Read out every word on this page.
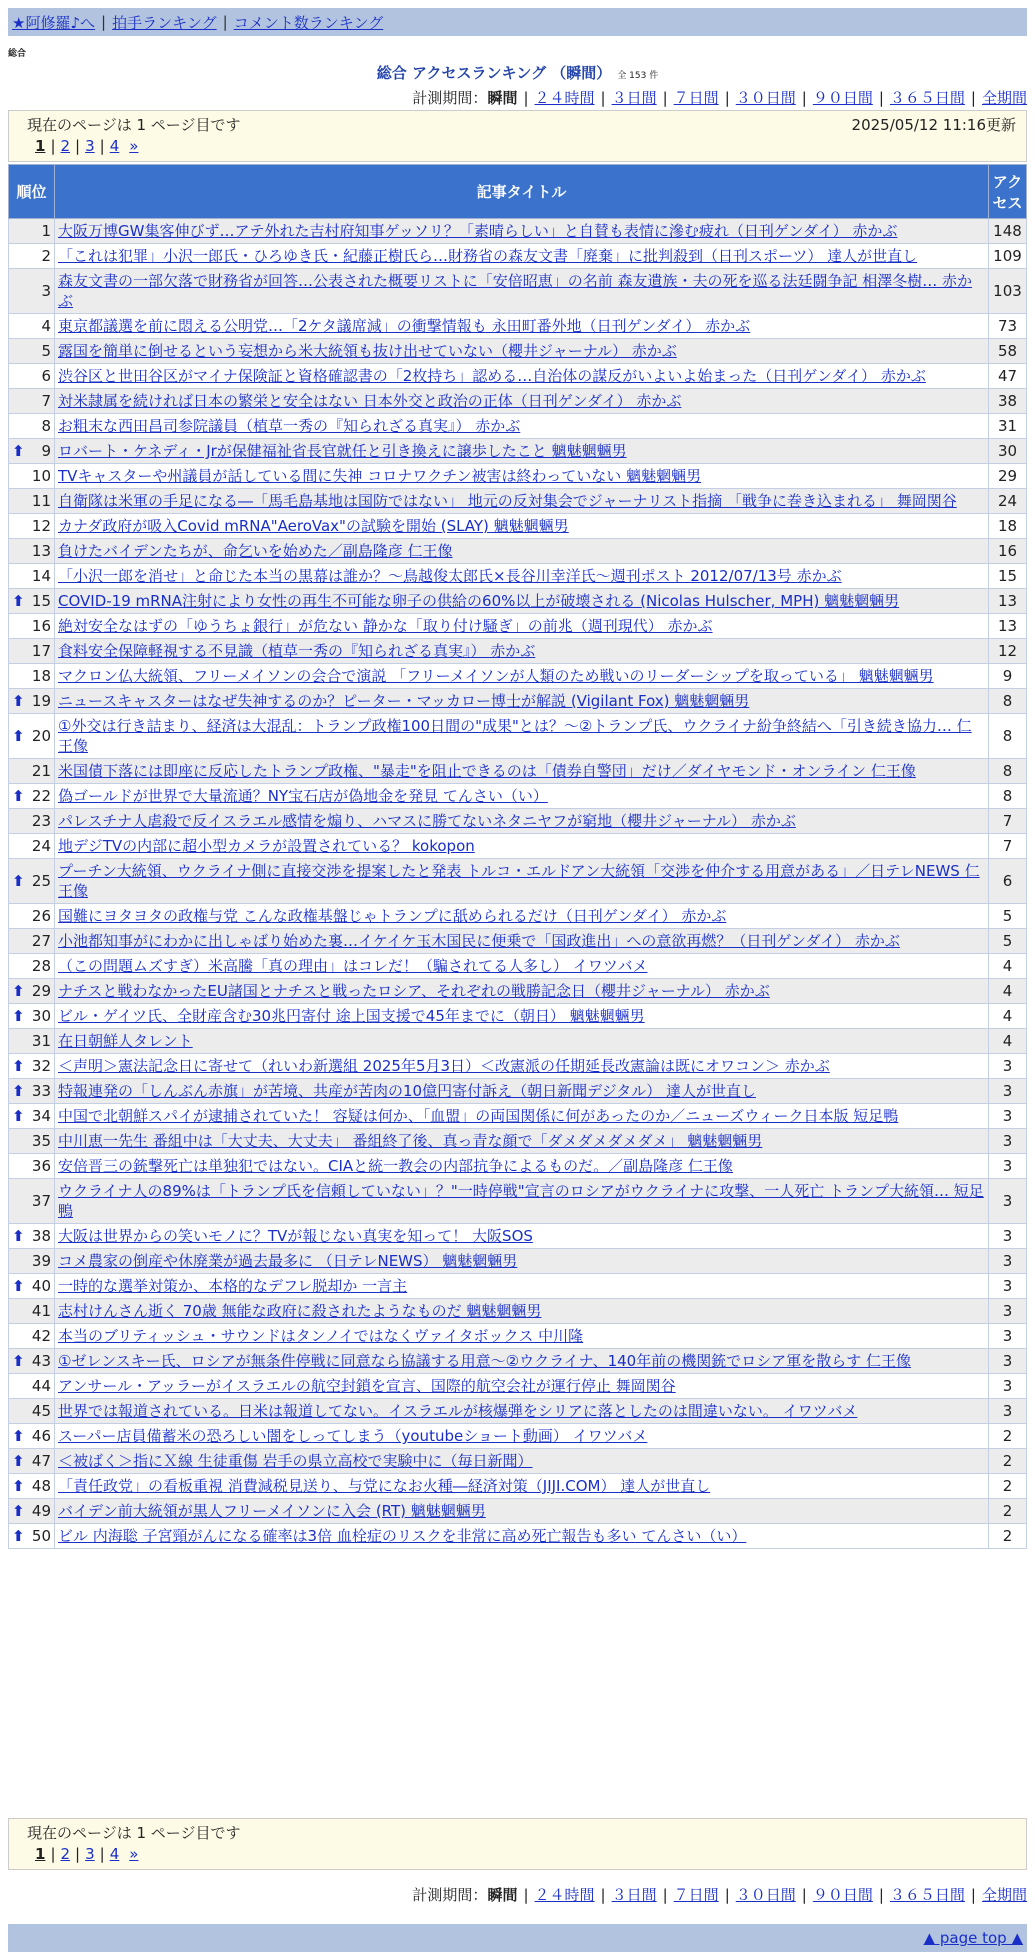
★阿修羅♪へ | 拍手ランキング | コメント数ランキング
総合
総合 アクセスランキング （瞬間） 全 153 件
計測期間：瞬間 | ２４時間 | ３日間 | ７日間 | ３０日間 | ９０日間 | ３６５日間 | 全期間
現在のページは 1 ページ目です	2025/05/12 11:16更新
1 | 2 | 3 | 4 »
順位	記事タイトル	アクセス
1	大阪万博GW集客伸びず…アテ外れた吉村府知事ゲッソリ？「素晴らしい」と自賛も表情に滲む疲れ（日刊ゲンダイ） 赤かぶ	148
2	「これは犯罪」小沢一郎氏・ひろゆき氏・紀藤正樹氏ら…財務省の森友文書「廃棄」に批判殺到（日刊スポーツ） 達人が世直し	109
3	森友文書の一部欠落で財務省が回答…公表された概要リストに「安倍昭恵」の名前 森友遺族・夫の死を巡る法廷闘争記 相澤冬樹… 赤かぶ	103
4	東京都議選を前に悶える公明党…「2ケタ議席減」の衝撃情報も 永田町番外地（日刊ゲンダイ） 赤かぶ	73
5	露国を簡単に倒せるという妄想から米大統領も抜け出せていない（櫻井ジャーナル） 赤かぶ	58
6	渋谷区と世田谷区がマイナ保険証と資格確認書の「2枚持ち」認める…自治体の謀反がいよいよ始まった（日刊ゲンダイ） 赤かぶ	47
7	対米隷属を続ければ日本の繁栄と安全はない 日本外交と政治の正体（日刊ゲンダイ） 赤かぶ	38
8	お粗末な西田昌司参院議員（植草一秀の『知られざる真実』） 赤かぶ	31

⬆ 9	ロバート・ケネディ・Jrが保健福祉省長官就任と引き換えに譲歩したこと 魑魅魍魎男	30
10	TVキャスターや州議員が話している間に失神 コロナワクチン被害は終わっていない 魑魅魍魎男	29
11	自衛隊は米軍の手足になる―「馬毛島基地は国防ではない」 地元の反対集会でジャーナリスト指摘 「戦争に巻き込まれる」 舞岡関谷	24
12	カナダ政府が吸入Covid mRNA"AeroVax"の試験を開始 (SLAY) 魑魅魍魎男	18
13	負けたバイデンたちが、命乞いを始めた／副島隆彦 仁王像	16
14	「小沢一郎を消せ」と命じた本当の黒幕は誰か？～鳥越俊太郎氏×長谷川幸洋氏～週刊ポスト 2012/07/13号 赤かぶ	15

⬆ 15	COVID-19 mRNA注射により女性の再生不可能な卵子の供給の60%以上が破壊される (Nicolas Hulscher, MPH) 魑魅魍魎男	13
16	絶対安全なはずの「ゆうちょ銀行」が危ない 静かな「取り付け騒ぎ」の前兆（週刊現代） 赤かぶ	13
17	食料安全保障軽視する不見識（植草一秀の『知られざる真実』） 赤かぶ	12
18	マクロン仏大統領、フリーメイソンの会合で演説 「フリーメイソンが人類のため戦いのリーダーシップを取っている」 魑魅魍魎男	9

⬆ 19	ニュースキャスターはなぜ失神するのか？ピーター・マッカロー博士が解説 (Vigilant Fox) 魑魅魍魎男	8

⬆ 20	①外交は行き詰まり、経済は大混乱：トランプ政権100日間の"成果"とは？～②トランプ氏、ウクライナ紛争終結へ「引き続き協力… 仁王像	8
21	米国債下落には即座に反応したトランプ政権、"暴走"を阻止できるのは「債券自警団」だけ／ダイヤモンド・オンライン 仁王像	8

⬆ 22	偽ゴールドが世界で大量流通？NY宝石店が偽地金を発見 てんさい（い）	8
23	パレスチナ人虐殺で反イスラエル感情を煽り、ハマスに勝てないネタニヤフが窮地（櫻井ジャーナル） 赤かぶ	7
24	地デジTVの内部に超小型カメラが設置されている？ kokopon	7

⬆ 25	プーチン大統領、ウクライナ側に直接交渉を提案したと発表 トルコ・エルドアン大統領「交渉を仲介する用意がある」／日テレNEWS 仁王像	6
26	国難にヨタヨタの政権与党 こんな政権基盤じゃトランプに舐められるだけ（日刊ゲンダイ） 赤かぶ	5
27	小池都知事がにわかに出しゃばり始めた裏…イケイケ玉木国民に便乗で「国政進出」への意欲再燃？（日刊ゲンダイ） 赤かぶ	5
28	（この問題ムズすぎ）米高騰「真の理由」はコレだ！（騙されてる人多し） イワツバメ	4

⬆ 29	ナチスと戦わなかったEU諸国とナチスと戦ったロシア、それぞれの戦勝記念日（櫻井ジャーナル） 赤かぶ	4

⬆ 30	ビル・ゲイツ氏、全財産含む30兆円寄付 途上国支援で45年までに（朝日） 魑魅魍魎男	4
31	在日朝鮮人タレント	4

⬆ 32	＜声明＞憲法記念日に寄せて（れいわ新選組 2025年5月3日）＜改憲派の任期延長改憲論は既にオワコン＞ 赤かぶ	3

⬆ 33	特報連発の「しんぶん赤旗」が苦境、共産が苦肉の10億円寄付訴え（朝日新聞デジタル） 達人が世直し	3

⬆ 34	中国で北朝鮮スパイが逮捕されていた！ 容疑は何か、「血盟」の両国関係に何があったのか／ニューズウィーク日本版 短足鴨	3
35	中川恵一先生 番組中は「大丈夫、大丈夫」 番組終了後、真っ青な顔で「ダメダメダメダメ」 魑魅魍魎男	3
36	安倍晋三の銃撃死亡は単独犯ではない。CIAと統一教会の内部抗争によるものだ。／副島隆彦 仁王像	3
37	ウクライナ人の89%は「トランプ氏を信頼していない」？"一時停戦"宣言のロシアがウクライナに攻撃、一人死亡 トランプ大統領… 短足鴨	3

⬆ 38	大阪は世界からの笑いモノに？TVが報じない真実を知って！ 大阪SOS	3
39	コメ農家の倒産や休廃業が過去最多に （日テレNEWS） 魑魅魍魎男	3

⬆ 40	一時的な選挙対策か、本格的なデフレ脱却か 一言主	3
41	志村けんさん逝く 70歳 無能な政府に殺されたようなものだ 魑魅魍魎男	3
42	本当のブリティッシュ・サウンドはタンノイではなくヴァイタボックス 中川隆	3

⬆ 43	①ゼレンスキー氏、ロシアが無条件停戦に同意なら協議する用意～②ウクライナ、140年前の機関銃でロシア軍を散らす 仁王像	3
44	アンサール・アッラーがイスラエルの航空封鎖を宣言、国際的航空会社が運行停止 舞岡関谷	3
45	世界では報道されている。日米は報道してない。イスラエルが核爆弾をシリアに落としたのは間違いない。 イワツバメ	3

⬆ 46	スーパー店員備蓄米の恐ろしい闇をしってしまう（youtubeショート動画） イワツバメ	2

⬆ 47	＜被ばく＞指にＸ線 生徒重傷 岩手の県立高校で実験中に（毎日新聞）	2

⬆ 48	「責任政党」の看板重視 消費減税見送り、与党になお火種―経済対策（JIJI.COM） 達人が世直し	2

⬆ 49	バイデン前大統領が黒人フリーメイソンに入会 (RT) 魑魅魍魎男	2

⬆ 50	ビル 内海聡 子宮頸がんになる確率は3倍 血栓症のリスクを非常に高め死亡報告も多い てんさい（い）	2
現在のページは 1 ページ目です
1 | 2 | 3 | 4 »
計測期間：瞬間 | ２４時間 | ３日間 | ７日間 | ３０日間 | ９０日間 | ３６５日間 | 全期間
▲ page top ▲
